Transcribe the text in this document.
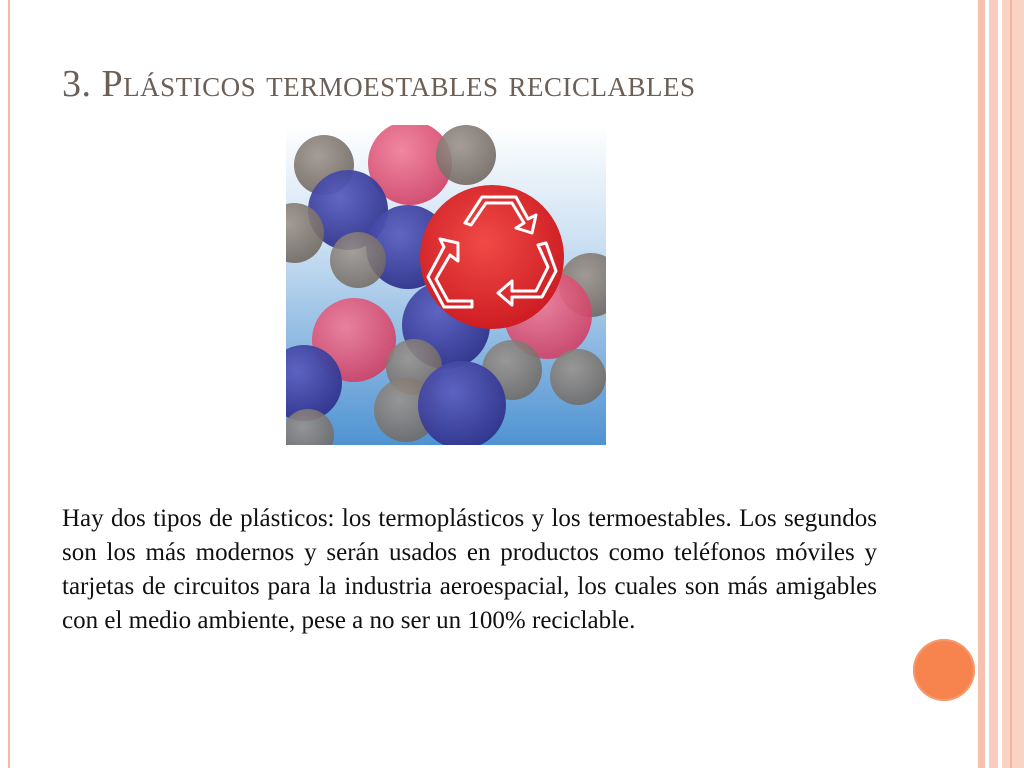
3. Plásticos termoestables reciclables
Hay dos tipos de plásticos: los termoplásticos y los termoestables. Los segundos son los más modernos y serán usados en productos como teléfonos móviles y tarjetas de circuitos para la industria aeroespacial, los cuales son más amigables con el medio ambiente, pese a no ser un 100% reciclable.
